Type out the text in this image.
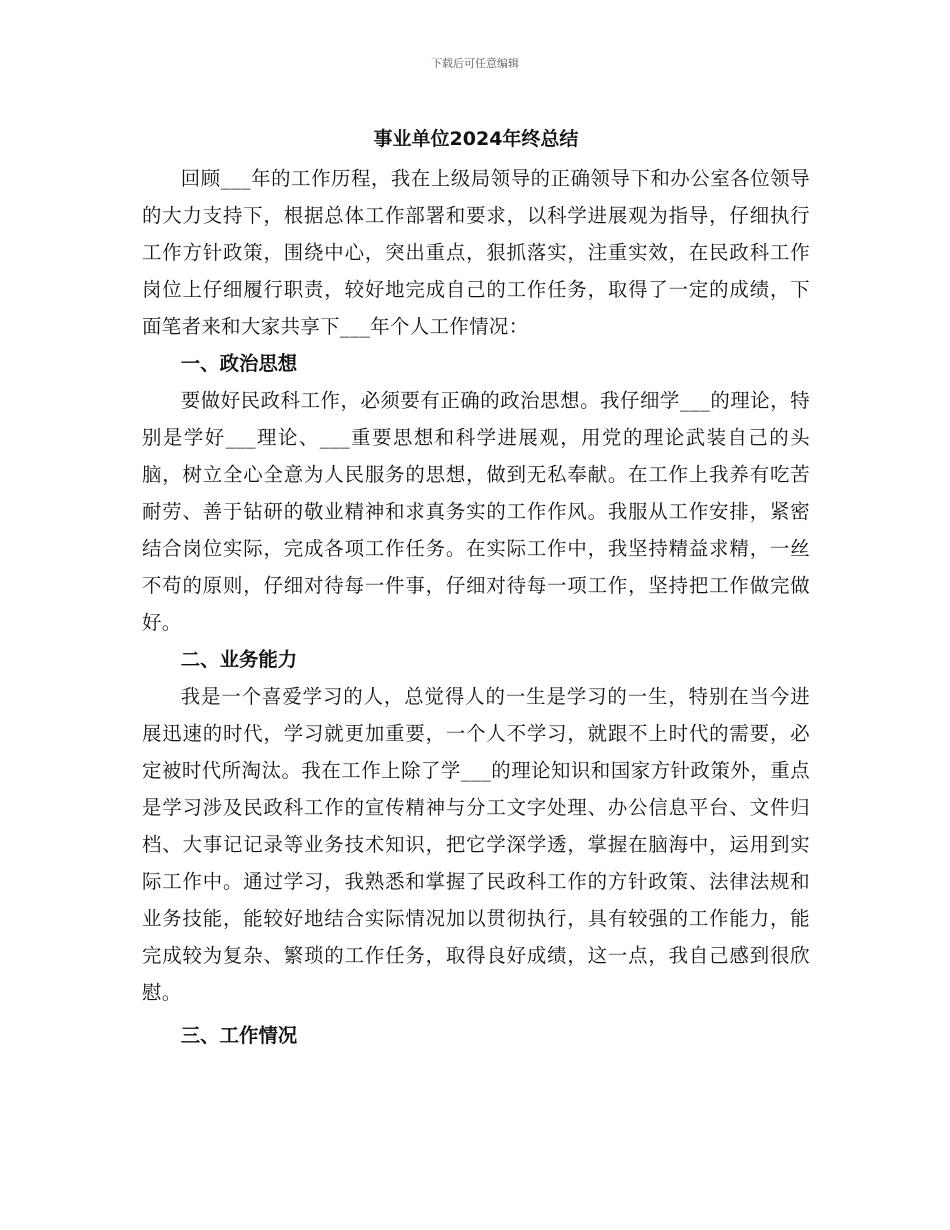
下载后可任意编辑
事业单位2024年终总结

回顾___年的工作历程，我在上级局领导的正确领导下和办公室各位领导的大力支持下，根据总体工作部署和要求，以科学进展观为指导，仔细执行工作方针政策，围绕中心，突出重点，狠抓落实，注重实效，在民政科工作岗位上仔细履行职责，较好地完成自己的工作任务，取得了一定的成绩，下面笔者来和大家共享下___年个人工作情况：

一、政治思想

要做好民政科工作，必须要有正确的政治思想。我仔细学___的理论，特别是学好___理论、___重要思想和科学进展观，用党的理论武装自己的头脑，树立全心全意为人民服务的思想，做到无私奉献。在工作上我养有吃苦耐劳、善于钻研的敬业精神和求真务实的工作作风。我服从工作安排，紧密结合岗位实际，完成各项工作任务。在实际工作中，我坚持精益求精，一丝不苟的原则，仔细对待每一件事，仔细对待每一项工作，坚持把工作做完做好。

二、业务能力

我是一个喜爱学习的人，总觉得人的一生是学习的一生，特别在当今进展迅速的时代，学习就更加重要，一个人不学习，就跟不上时代的需要，必定被时代所淘汰。我在工作上除了学___的理论知识和国家方针政策外，重点是学习涉及民政科工作的宣传精神与分工文字处理、办公信息平台、文件归档、大事记记录等业务技术知识，把它学深学透，掌握在脑海中，运用到实际工作中。通过学习，我熟悉和掌握了民政科工作的方针政策、法律法规和业务技能，能较好地结合实际情况加以贯彻执行，具有较强的工作能力，能完成较为复杂、繁琐的工作任务，取得良好成绩，这一点，我自己感到很欣慰。

三、工作情况
